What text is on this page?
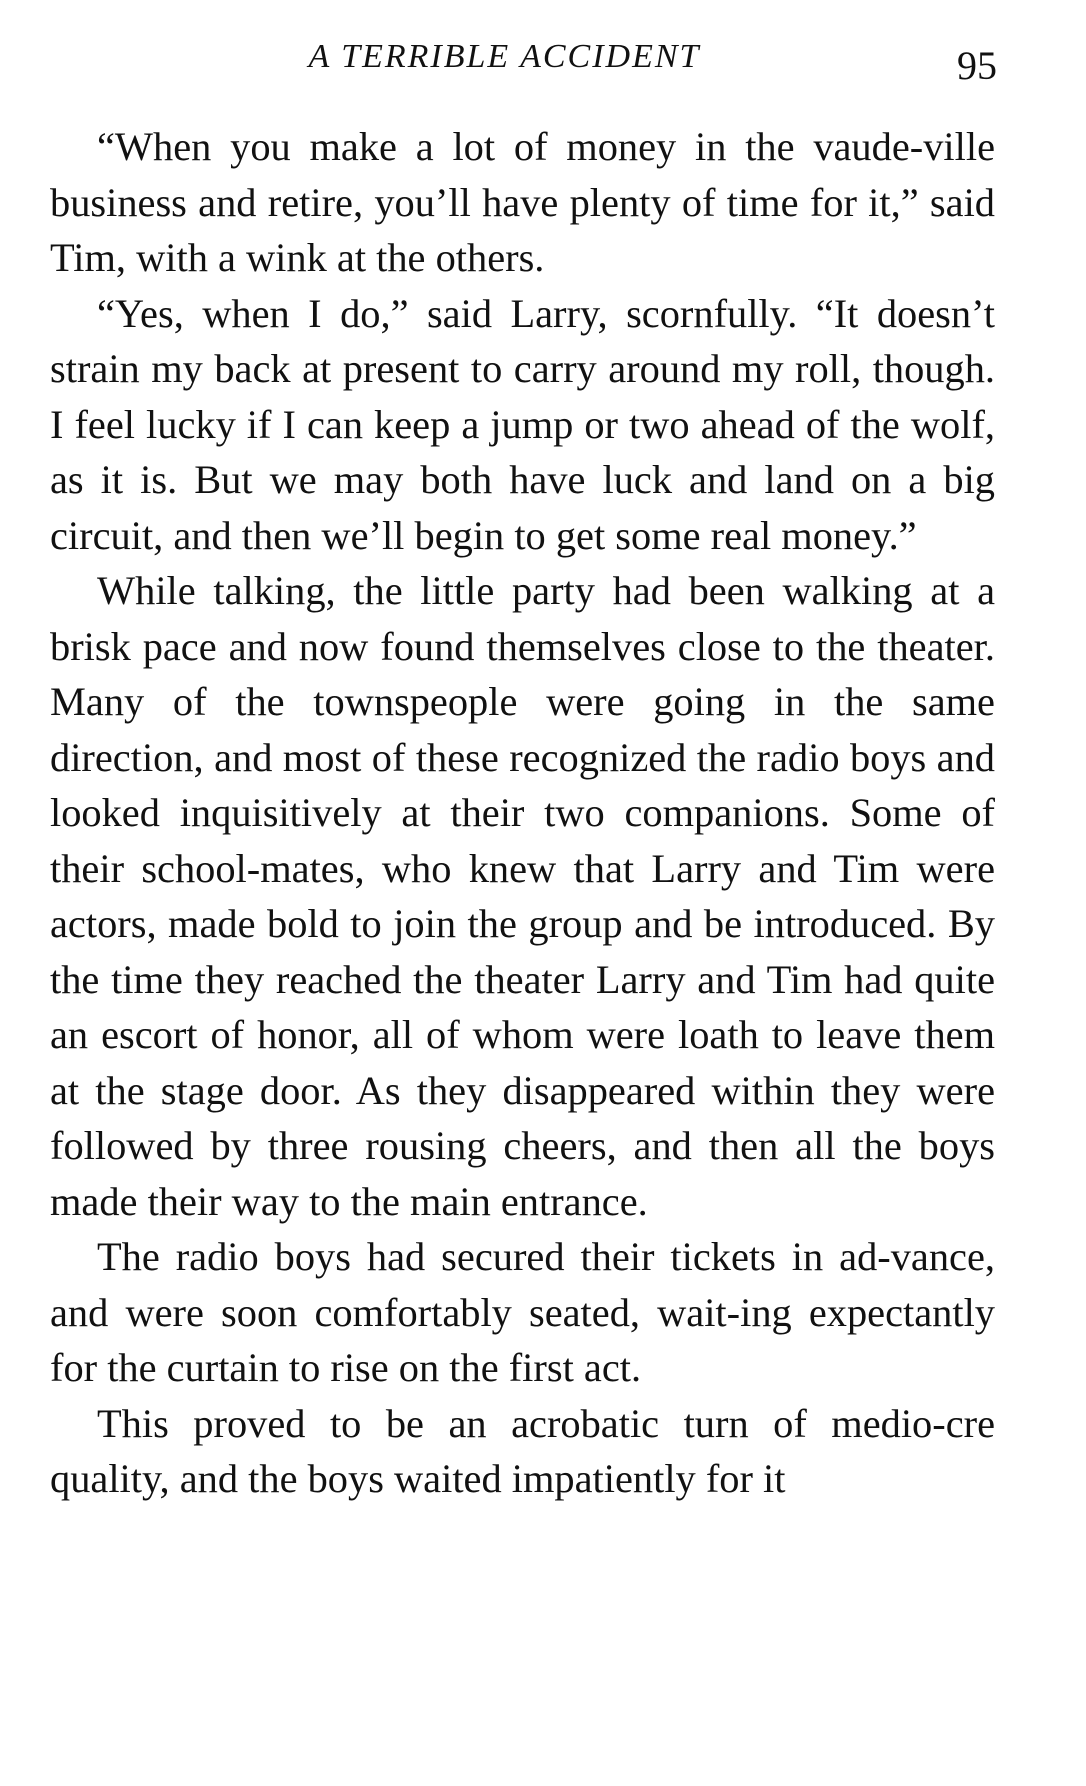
A TERRIBLE ACCIDENT	95

“When you make a lot of money in the vaude-ville business and retire, you’ll have plenty of time for it,” said Tim, with a wink at the others.

“Yes, when I do,” said Larry, scornfully. “It doesn’t strain my back at present to carry around my roll, though. I feel lucky if I can keep a jump or two ahead of the wolf, as it is. But we may both have luck and land on a big circuit, and then we’ll begin to get some real money.”

While talking, the little party had been walking at a brisk pace and now found themselves close to the theater. Many of the townspeople were going in the same direction, and most of these recognized the radio boys and looked inquisitively at their two companions. Some of their school-mates, who knew that Larry and Tim were actors, made bold to join the group and be introduced. By the time they reached the theater Larry and Tim had quite an escort of honor, all of whom were loath to leave them at the stage door. As they disappeared within they were followed by three rousing cheers, and then all the boys made their way to the main entrance.

The radio boys had secured their tickets in ad-vance, and were soon comfortably seated, wait-ing expectantly for the curtain to rise on the first act.

This proved to be an acrobatic turn of medio-cre quality, and the boys waited impatiently for it
